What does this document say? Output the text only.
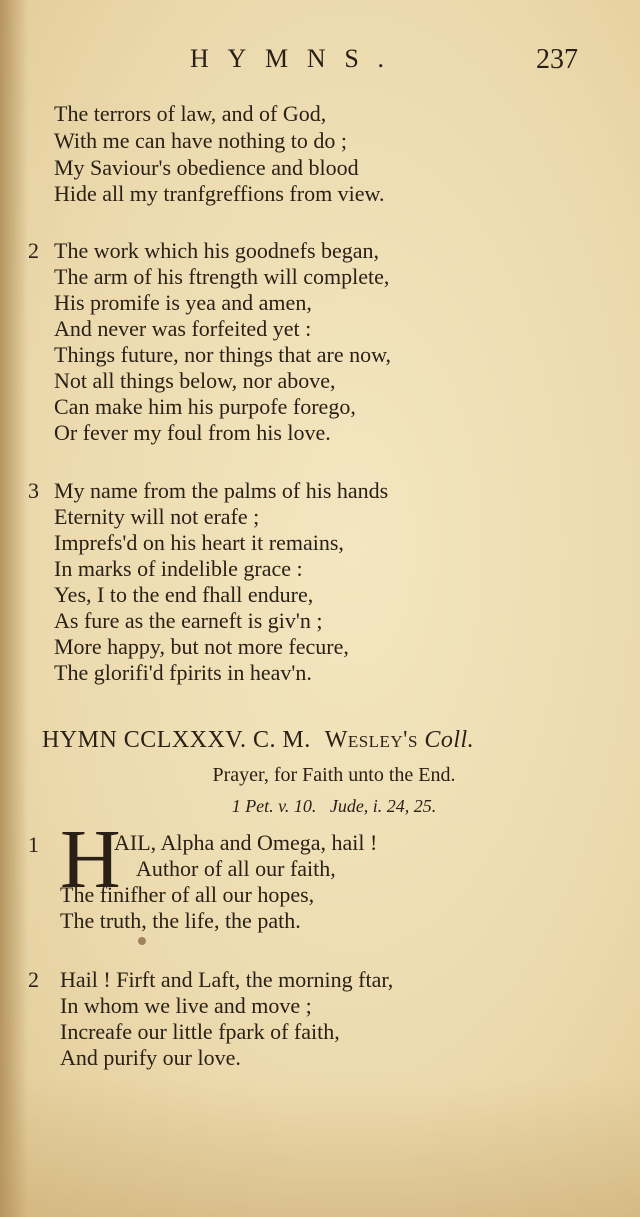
HYMNS.	237
The terrors of law, and of God,
With me can have nothing to do ;
My Saviour's obedience and blood
Hide all my tranfgreffions from view.
2 The work which his goodnefs began,
The arm of his ftrength will complete,
His promife is yea and amen,
And never was forfeited yet :
Things future, nor things that are now,
Not all things below, nor above,
Can make him his purpofe forego,
Or fever my foul from his love.
3 My name from the palms of his hands
Eternity will not erafe ;
Imprefs'd on his heart it remains,
In marks of indelible grace :
Yes, I to the end fhall endure,
As fure as the earneft is giv'n ;
More happy, but not more fecure,
The glorifi'd fpirits in heav'n.
HYMN CCLXXXV. C. M. Wesley's Coll.
Prayer, for Faith unto the End.
1 Pet. v. 10. Jude, i. 24, 25.
1 H
AIL, Alpha and Omega, hail !
Author of all our faith,
The finifher of all our hopes,
The truth, the life, the path.
2 Hail ! Firft and Laft, the morning ftar,
In whom we live and move ;
Increafe our little fpark of faith,
And purify our love.
